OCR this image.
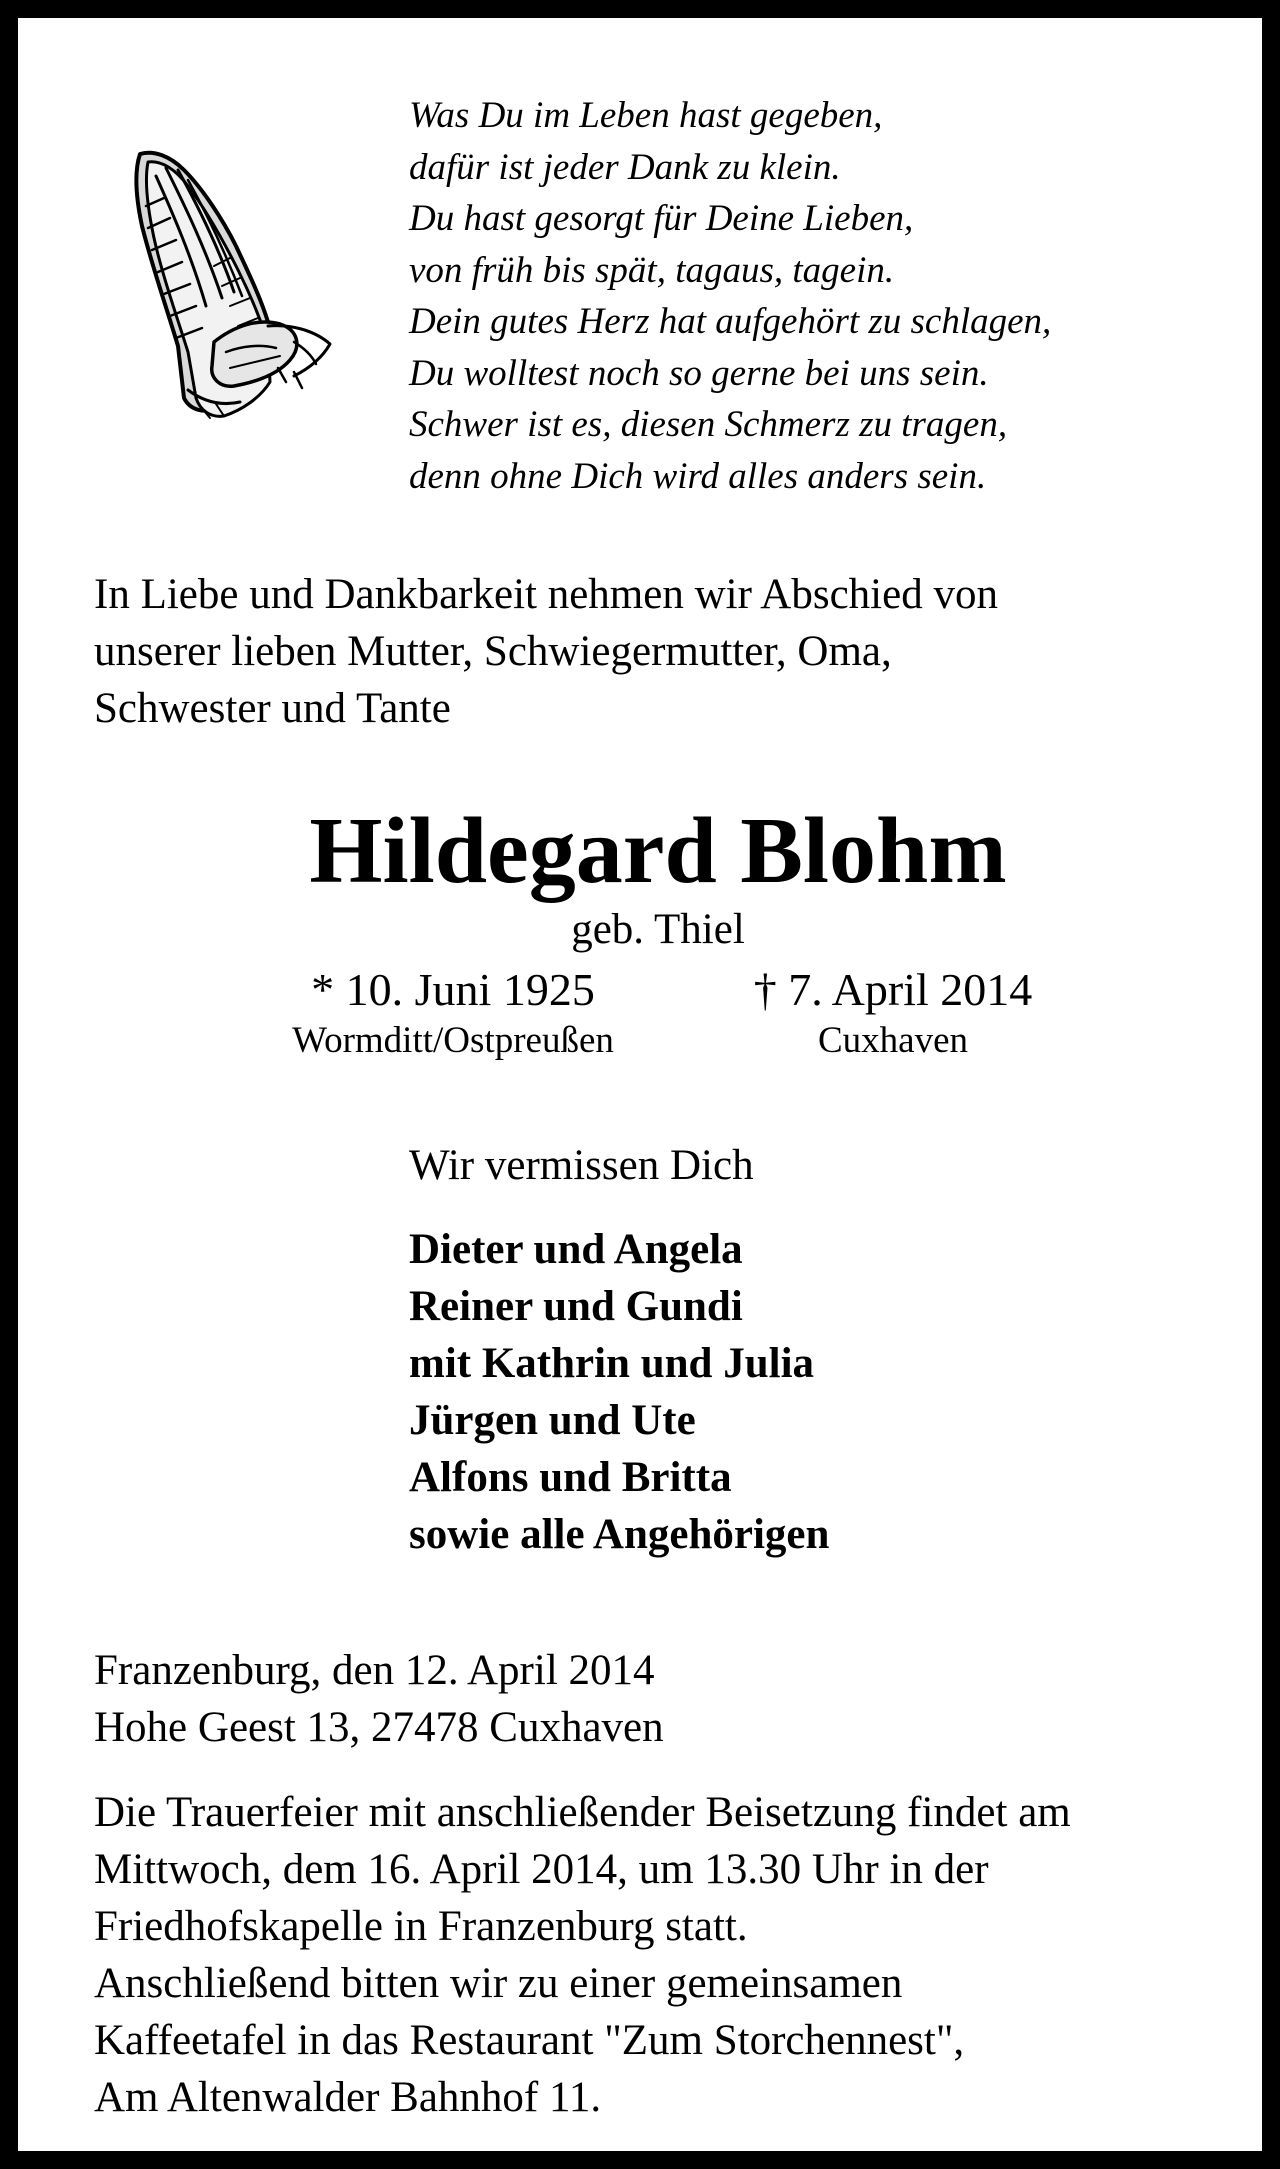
Was Du im Leben hast gegeben,
dafür ist jeder Dank zu klein.
Du hast gesorgt für Deine Lieben,
von früh bis spät, tagaus, tagein.
Dein gutes Herz hat aufgehört zu schlagen,
Du wolltest noch so gerne bei uns sein.
Schwer ist es, diesen Schmerz zu tragen,
denn ohne Dich wird alles anders sein.
In Liebe und Dankbarkeit nehmen wir Abschied von
unserer lieben Mutter, Schwiegermutter, Oma,
Schwester und Tante
Hildegard Blohm
geb. Thiel
* 10. Juni 1925
Wormditt/Ostpreußen
† 7. April 2014
Cuxhaven
Wir vermissen Dich
Dieter und Angela
Reiner und Gundi
mit Kathrin und Julia
Jürgen und Ute
Alfons und Britta
sowie alle Angehörigen
Franzenburg, den 12. April 2014
Hohe Geest 13, 27478 Cuxhaven
Die Trauerfeier mit anschließender Beisetzung findet am
Mittwoch, dem 16. April 2014, um 13.30 Uhr in der
Friedhofskapelle in Franzenburg statt.
Anschließend bitten wir zu einer gemeinsamen
Kaffeetafel in das Restaurant "Zum Storchennest",
Am Altenwalder Bahnhof 11.
